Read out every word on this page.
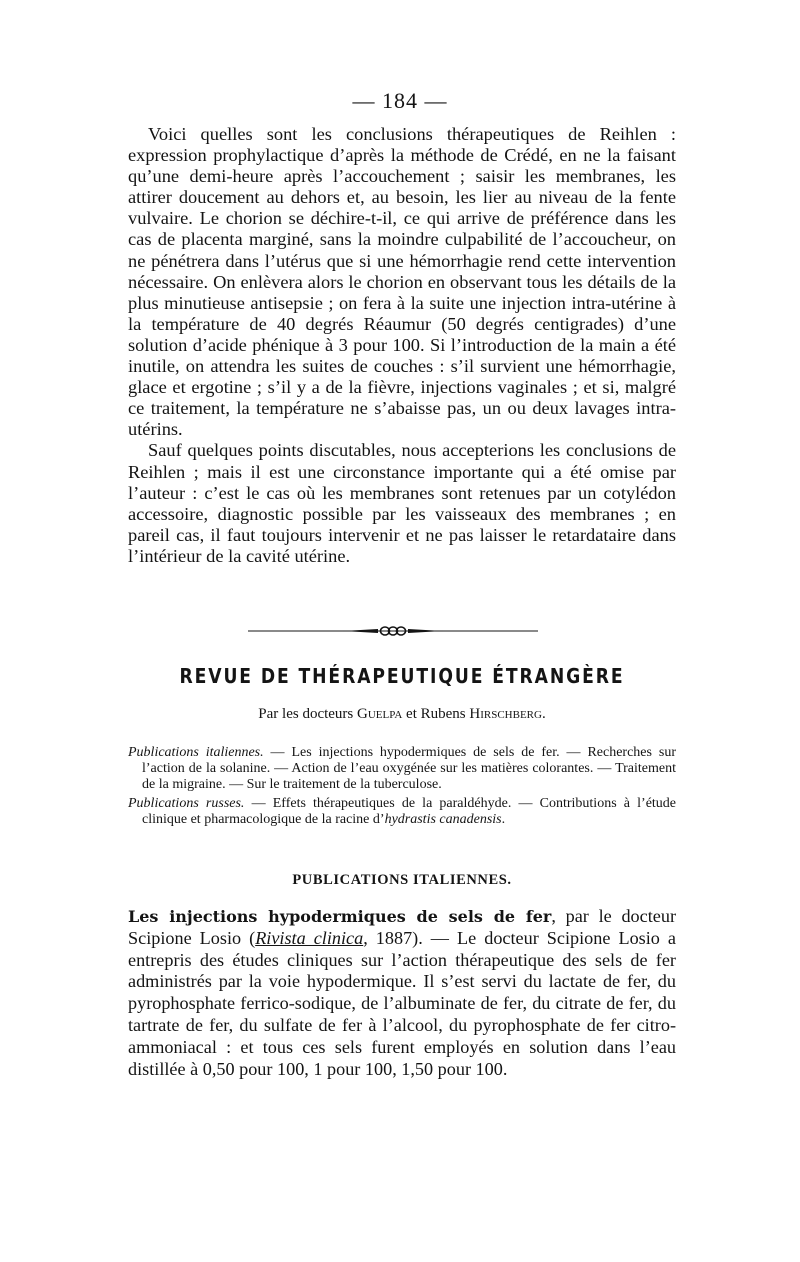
— 184 —

Voici quelles sont les conclusions thérapeutiques de Reihlen : expression prophylactique d’après la méthode de Crédé, en ne la faisant qu’une demi-heure après l’accouchement ; saisir les membranes, les attirer doucement au dehors et, au besoin, les lier au niveau de la fente vulvaire. Le chorion se déchire-t-il, ce qui arrive de préférence dans les cas de placenta marginé, sans la moindre culpabilité de l’accoucheur, on ne pénétrera dans l’utérus que si une hémorrhagie rend cette intervention nécessaire. On enlèvera alors le chorion en observant tous les détails de la plus minutieuse antisepsie ; on fera à la suite une injection intra-utérine à la température de 40 degrés Réaumur (50 degrés centigrades) d’une solution d’acide phénique à 3 pour 100. Si l’introduction de la main a été inutile, on attendra les suites de couches : s’il survient une hémorrhagie, glace et ergotine ; s’il y a de la fièvre, injections vaginales ; et si, malgré ce traitement, la température ne s’abaisse pas, un ou deux lavages intrautérins.

Sauf quelques points discutables, nous accepterions les conclusions de Reihlen ; mais il est une circonstance importante qui a été omise par l’auteur : c’est le cas où les membranes sont retenues par un cotylédon accessoire, diagnostic possible par les vaisseaux des membranes ; en pareil cas, il faut toujours intervenir et ne pas laisser le retardataire dans l’intérieur de la cavité utérine.

REVUE DE THÉRAPEUTIQUE ÉTRANGÈRE
Par les docteurs Guelpa et Rubens Hirschberg.

Publications italiennes. — Les injections hypodermiques de sels de fer. — Recherches sur l’action de la solanine. — Action de l’eau oxygénée sur les matières colorantes. — Traitement de la migraine. — Sur le traitement de la tuberculose.

Publications russes. — Effets thérapeutiques de la paraldéhyde. — Contributions à l’étude clinique et pharmacologique de la racine d’hydrastis canadensis.

PUBLICATIONS ITALIENNES.

Les injections hypodermiques de sels de fer, par le docteur Scipione Losio (Rivista clinica, 1887). — Le docteur Scipione Losio a entrepris des études cliniques sur l’action thérapeutique des sels de fer administrés par la voie hypodermique. Il s’est servi du lactate de fer, du pyrophosphate ferrico-sodique, de l’albuminate de fer, du citrate de fer, du tartrate de fer, du sulfate de fer à l’alcool, du pyrophosphate de fer citro-ammoniacal : et tous ces sels furent employés en solution dans l’eau distillée à 0,50 pour 100, 1 pour 100, 1,50 pour 100.
